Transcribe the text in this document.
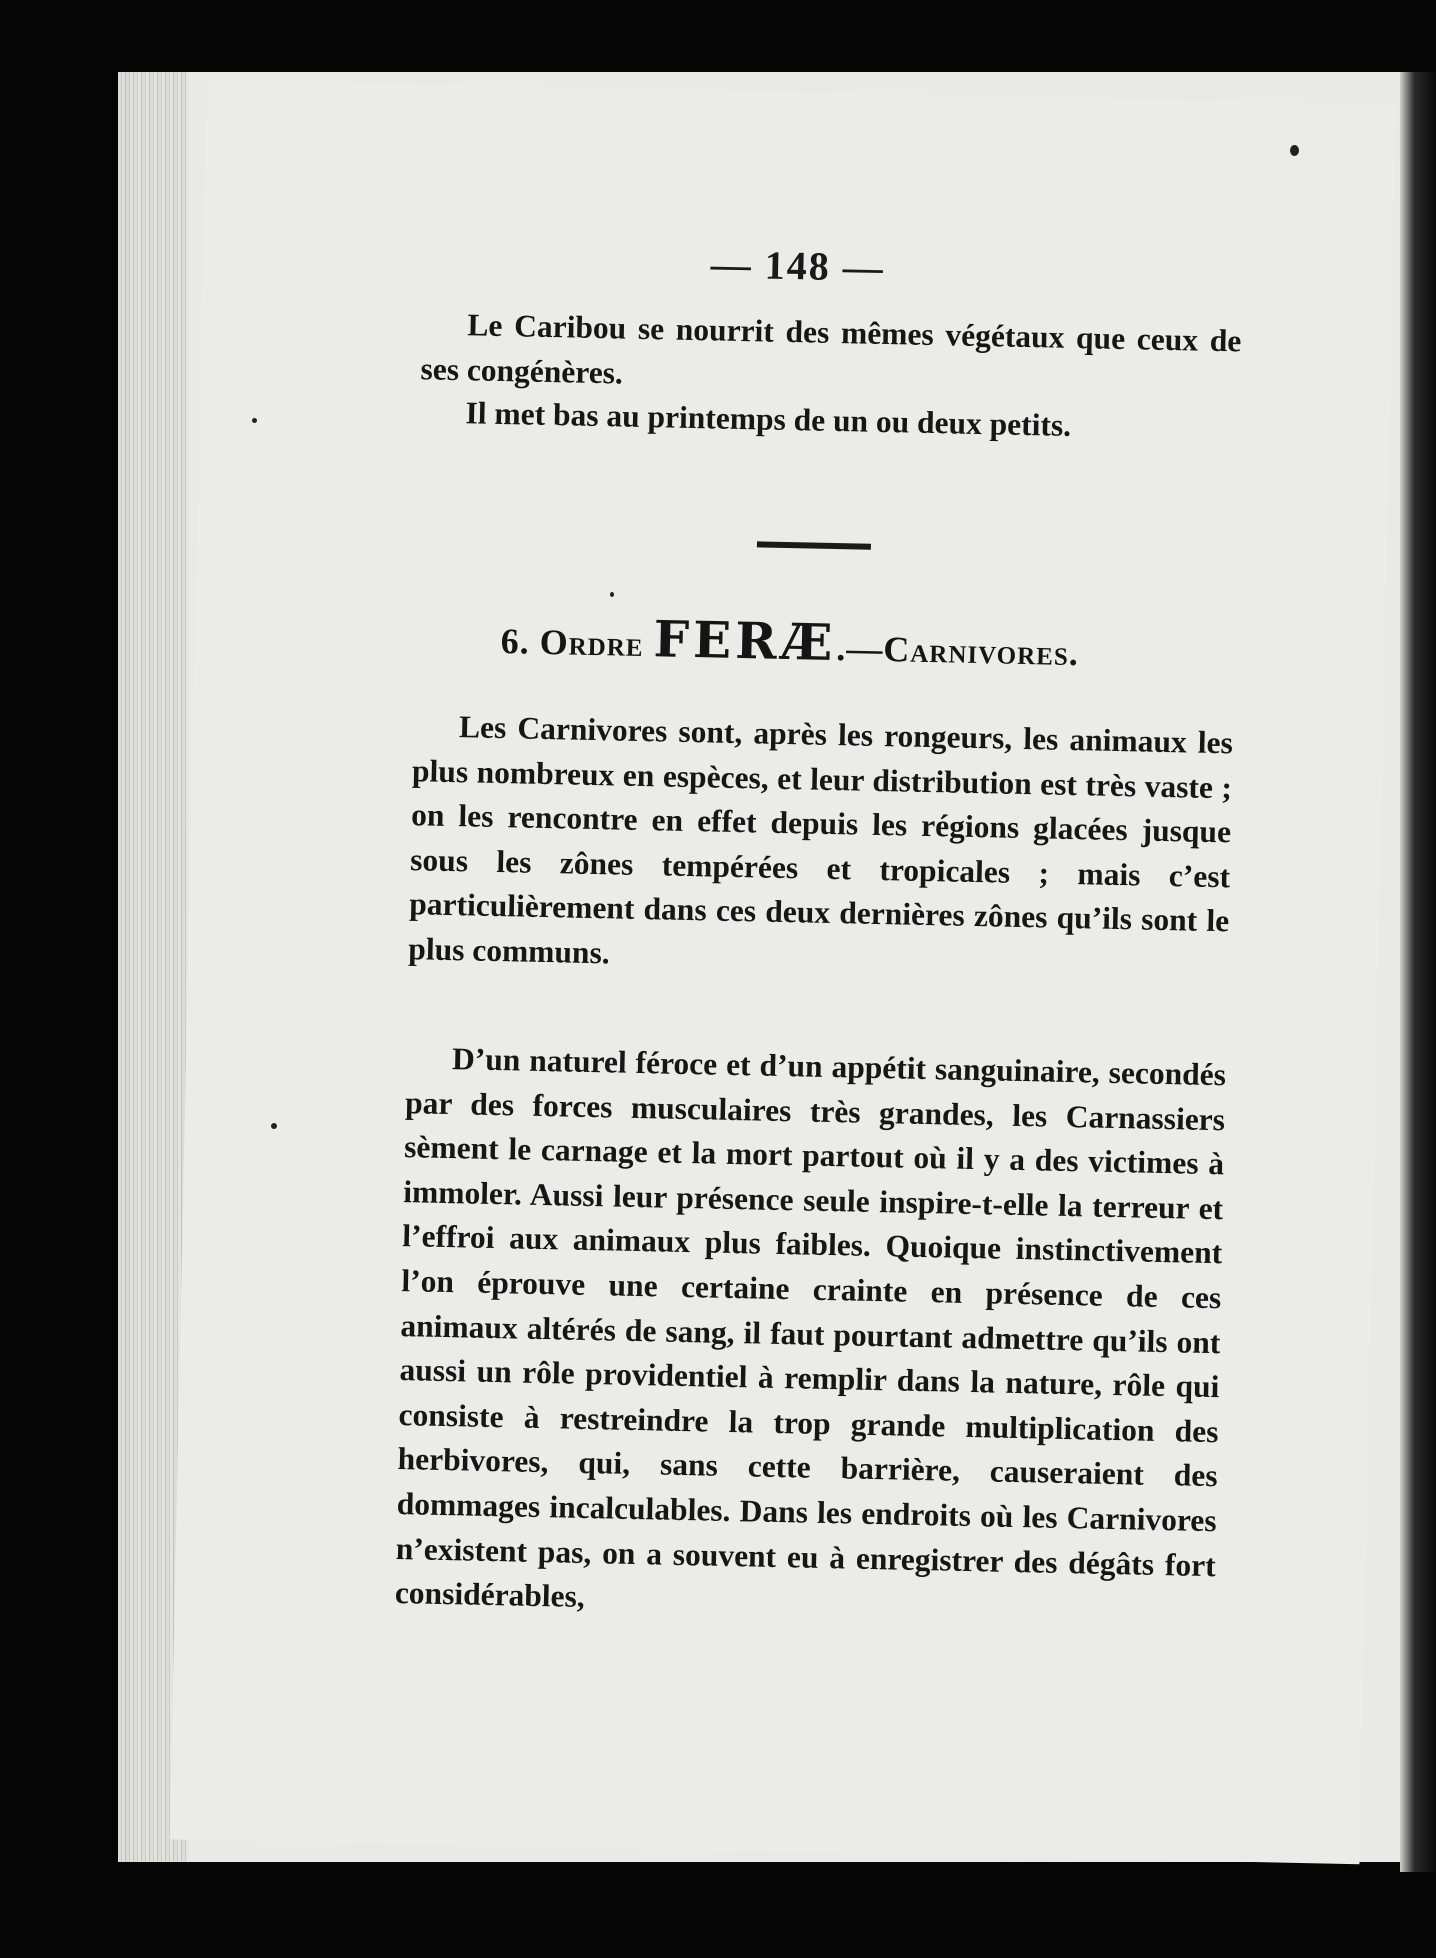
— 148 —

Le Caribou se nourrit des mêmes végétaux que ceux de ses congénères.

Il met bas au printemps de un ou deux petits.

6. Ordre FERÆ.—Carnivores.

Les Carnivores sont, après les rongeurs, les animaux les plus nombreux en espèces, et leur distribution est très vaste ; on les rencontre en effet depuis les régions glacées jusque sous les zônes tempérées et tropicales ; mais c’est particulièrement dans ces deux dernières zônes qu’ils sont le plus communs.

D’un naturel féroce et d’un appétit sanguinaire, secondés par des forces musculaires très grandes, les Carnassiers sèment le carnage et la mort partout où il y a des victimes à immoler. Aussi leur présence seule inspire-t-elle la terreur et l’effroi aux animaux plus faibles. Quoique instinctivement l’on éprouve une certaine crainte en présence de ces animaux altérés de sang, il faut pourtant admettre qu’ils ont aussi un rôle providentiel à remplir dans la nature, rôle qui consiste à restreindre la trop grande multiplication des herbivores, qui, sans cette barrière, causeraient des dommages incalculables. Dans les endroits où les Carnivores n’existent pas, on a souvent eu à enregistrer des dégâts fort considérables,
